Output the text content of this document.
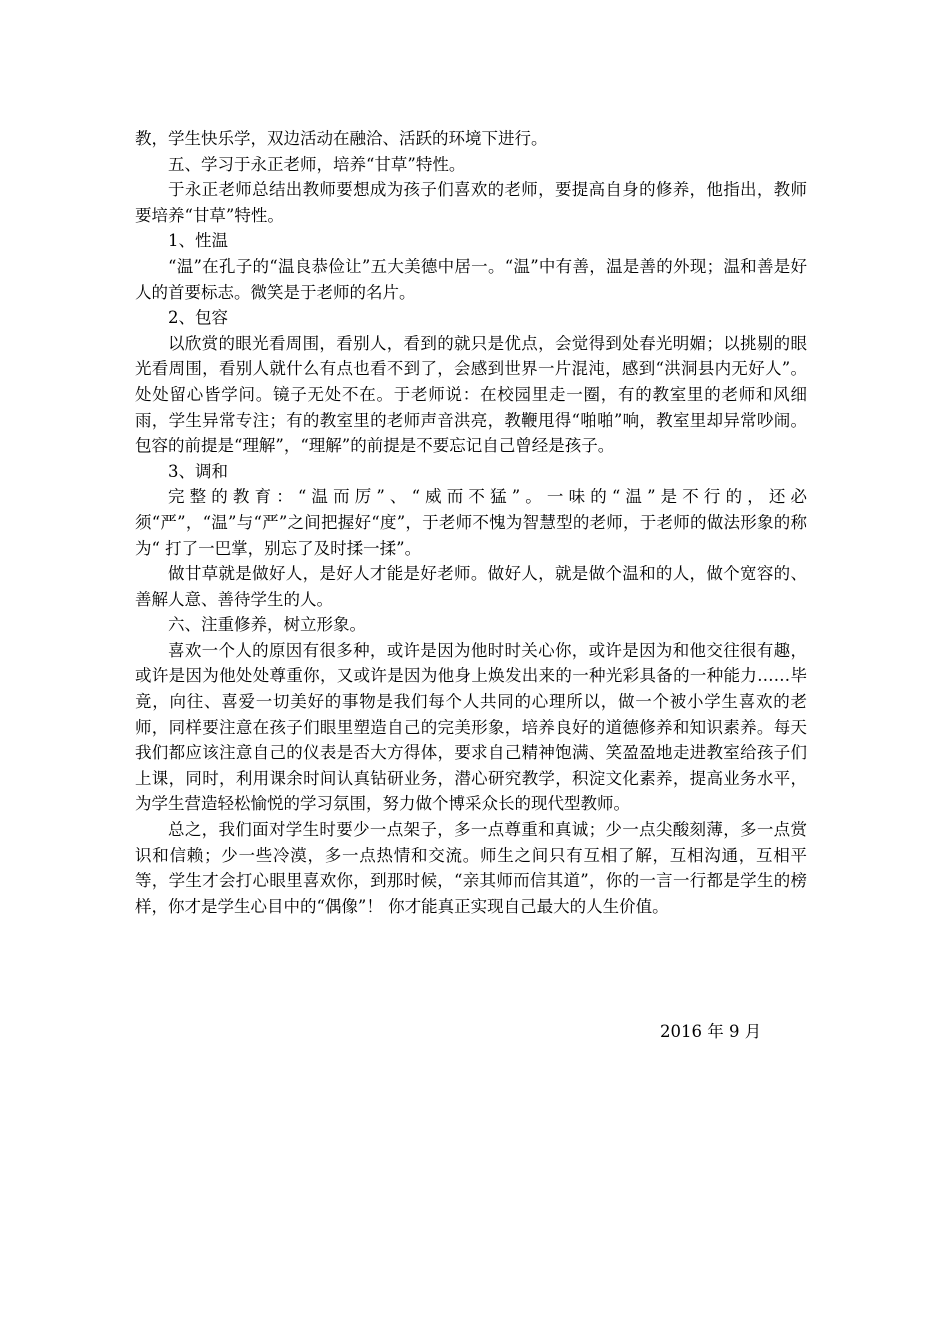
教，学生快乐学，双边活动在融洽、活跃的环境下进行。

五、学习于永正老师，培养“甘草”特性。

于永正老师总结出教师要想成为孩子们喜欢的老师，要提高自身的修养，他指出，教师要培养“甘草”特性。

1、性温

“温”在孔子的“温良恭俭让”五大美德中居一。“温”中有善，温是善的外现；温和善是好人的首要标志。微笑是于老师的名片。

2、包容

以欣赏的眼光看周围，看别人，看到的就只是优点，会觉得到处春光明媚；以挑剔的眼光看周围，看别人就什么有点也看不到了，会感到世界一片混沌，感到“洪洞县内无好人”。处处留心皆学问。镜子无处不在。于老师说：在校园里走一圈，有的教室里的老师和风细雨，学生异常专注；有的教室里的老师声音洪亮，教鞭甩得“啪啪”响，教室里却异常吵闹。包容的前提是“理解”，“理解”的前提是不要忘记自己曾经是孩子。

3、调和

完整的教育：“温而厉”、“威而不猛”。一味的“温”是不行的，还必须“严”，“温”与“严”之间把握好“度”，于老师不愧为智慧型的老师，于老师的做法形象的称为“ 打了一巴掌，别忘了及时揉一揉”。

做甘草就是做好人，是好人才能是好老师。做好人，就是做个温和的人，做个宽容的、善解人意、善待学生的人。

六、注重修养，树立形象。

喜欢一个人的原因有很多种，或许是因为他时时关心你，或许是因为和他交往很有趣，或许是因为他处处尊重你，又或许是因为他身上焕发出来的一种光彩具备的一种能力……毕竟，向往、喜爱一切美好的事物是我们每个人共同的心理所以，做一个被小学生喜欢的老师，同样要注意在孩子们眼里塑造自己的完美形象，培养良好的道德修养和知识素养。每天我们都应该注意自己的仪表是否大方得体，要求自己精神饱满、笑盈盈地走进教室给孩子们上课，同时，利用课余时间认真钻研业务，潜心研究教学，积淀文化素养，提高业务水平，为学生营造轻松愉悦的学习氛围，努力做个博采众长的现代型教师。

总之，我们面对学生时要少一点架子，多一点尊重和真诚；少一点尖酸刻薄，多一点赏识和信赖；少一些冷漠，多一点热情和交流。师生之间只有互相了解，互相沟通，互相平等，学生才会打心眼里喜欢你，到那时候，“亲其师而信其道”，你的一言一行都是学生的榜样，你才是学生心目中的“偶像”！ 你才能真正实现自己最大的人生价值。

2016 年 9 月
